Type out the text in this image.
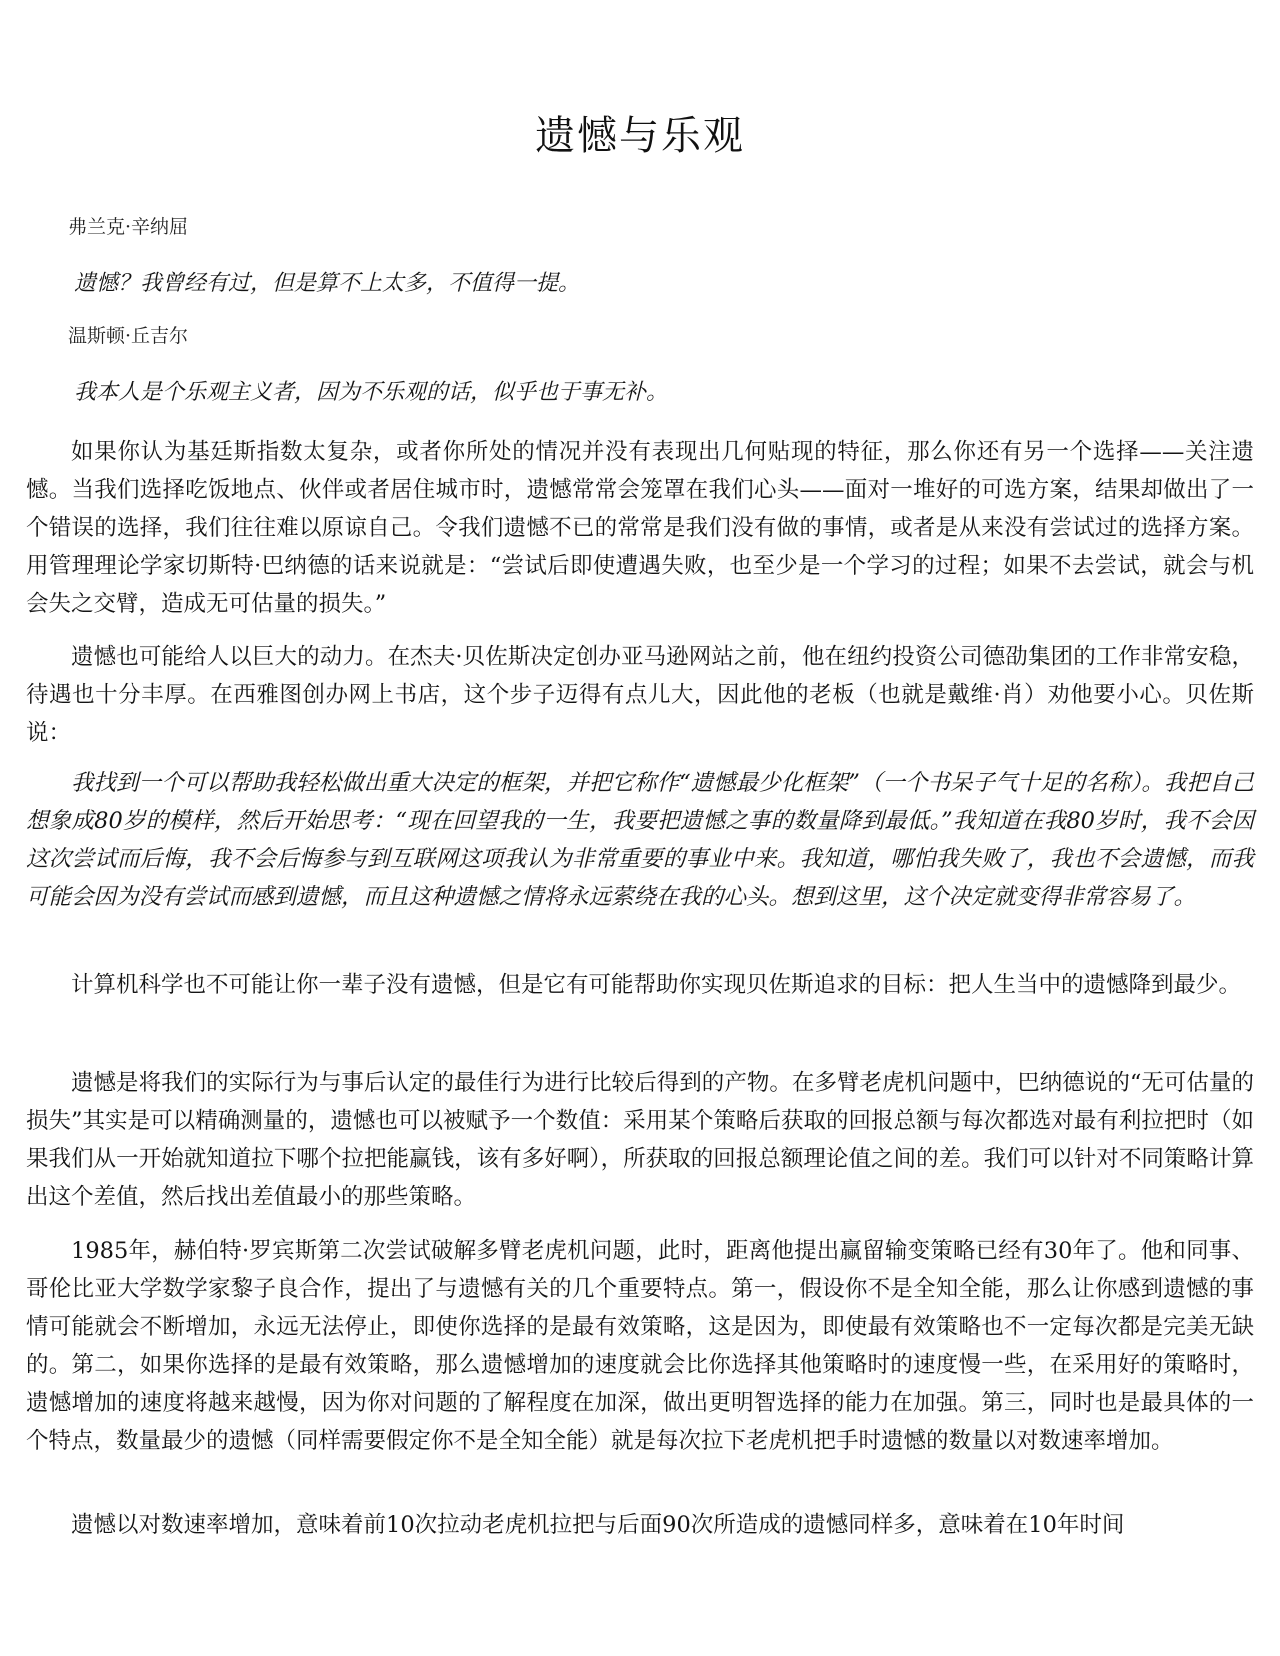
遗憾与乐观
弗兰克·辛纳屈
遗憾？我曾经有过，但是算不上太多，不值得一提。
温斯顿·丘吉尔
我本人是个乐观主义者，因为不乐观的话，似乎也于事无补。
如果你认为基廷斯指数太复杂，或者你所处的情况并没有表现出几何贴现的特征，那么你还有另一个选择——关注遗憾。当我们选择吃饭地点、伙伴或者居住城市时，遗憾常常会笼罩在我们心头——面对一堆好的可选方案，结果却做出了一个错误的选择，我们往往难以原谅自己。令我们遗憾不已的常常是我们没有做的事情，或者是从来没有尝试过的选择方案。用管理理论学家切斯特·巴纳德的话来说就是：“尝试后即使遭遇失败，也至少是一个学习的过程；如果不去尝试，就会与机会失之交臂，造成无可估量的损失。”
遗憾也可能给人以巨大的动力。在杰夫·贝佐斯决定创办亚马逊网站之前，他在纽约投资公司德劭集团的工作非常安稳，待遇也十分丰厚。在西雅图创办网上书店，这个步子迈得有点儿大，因此他的老板（也就是戴维·肖）劝他要小心。贝佐斯说：
我找到一个可以帮助我轻松做出重大决定的框架，并把它称作“遗憾最少化框架”（一个书呆子气十足的名称）。我把自己想象成80岁的模样，然后开始思考：“现在回望我的一生，我要把遗憾之事的数量降到最低。”我知道在我80岁时，我不会因这次尝试而后悔，我不会后悔参与到互联网这项我认为非常重要的事业中来。我知道，哪怕我失败了，我也不会遗憾，而我可能会因为没有尝试而感到遗憾，而且这种遗憾之情将永远萦绕在我的心头。想到这里，这个决定就变得非常容易了。
计算机科学也不可能让你一辈子没有遗憾，但是它有可能帮助你实现贝佐斯追求的目标：把人生当中的遗憾降到最少。
遗憾是将我们的实际行为与事后认定的最佳行为进行比较后得到的产物。在多臂老虎机问题中，巴纳德说的“无可估量的损失”其实是可以精确测量的，遗憾也可以被赋予一个数值：采用某个策略后获取的回报总额与每次都选对最有利拉把时（如果我们从一开始就知道拉下哪个拉把能赢钱，该有多好啊），所获取的回报总额理论值之间的差。我们可以针对不同策略计算出这个差值，然后找出差值最小的那些策略。
1985年，赫伯特·罗宾斯第二次尝试破解多臂老虎机问题，此时，距离他提出赢留输变策略已经有30年了。他和同事、哥伦比亚大学数学家黎子良合作，提出了与遗憾有关的几个重要特点。第一，假设你不是全知全能，那么让你感到遗憾的事情可能就会不断增加，永远无法停止，即使你选择的是最有效策略，这是因为，即使最有效策略也不一定每次都是完美无缺的。第二，如果你选择的是最有效策略，那么遗憾增加的速度就会比你选择其他策略时的速度慢一些，在采用好的策略时，遗憾增加的速度将越来越慢，因为你对问题的了解程度在加深，做出更明智选择的能力在加强。第三，同时也是最具体的一个特点，数量最少的遗憾（同样需要假定你不是全知全能）就是每次拉下老虎机把手时遗憾的数量以对数速率增加。
遗憾以对数速率增加，意味着前10次拉动老虎机拉把与后面90次所造成的遗憾同样多，意味着在10年时间
